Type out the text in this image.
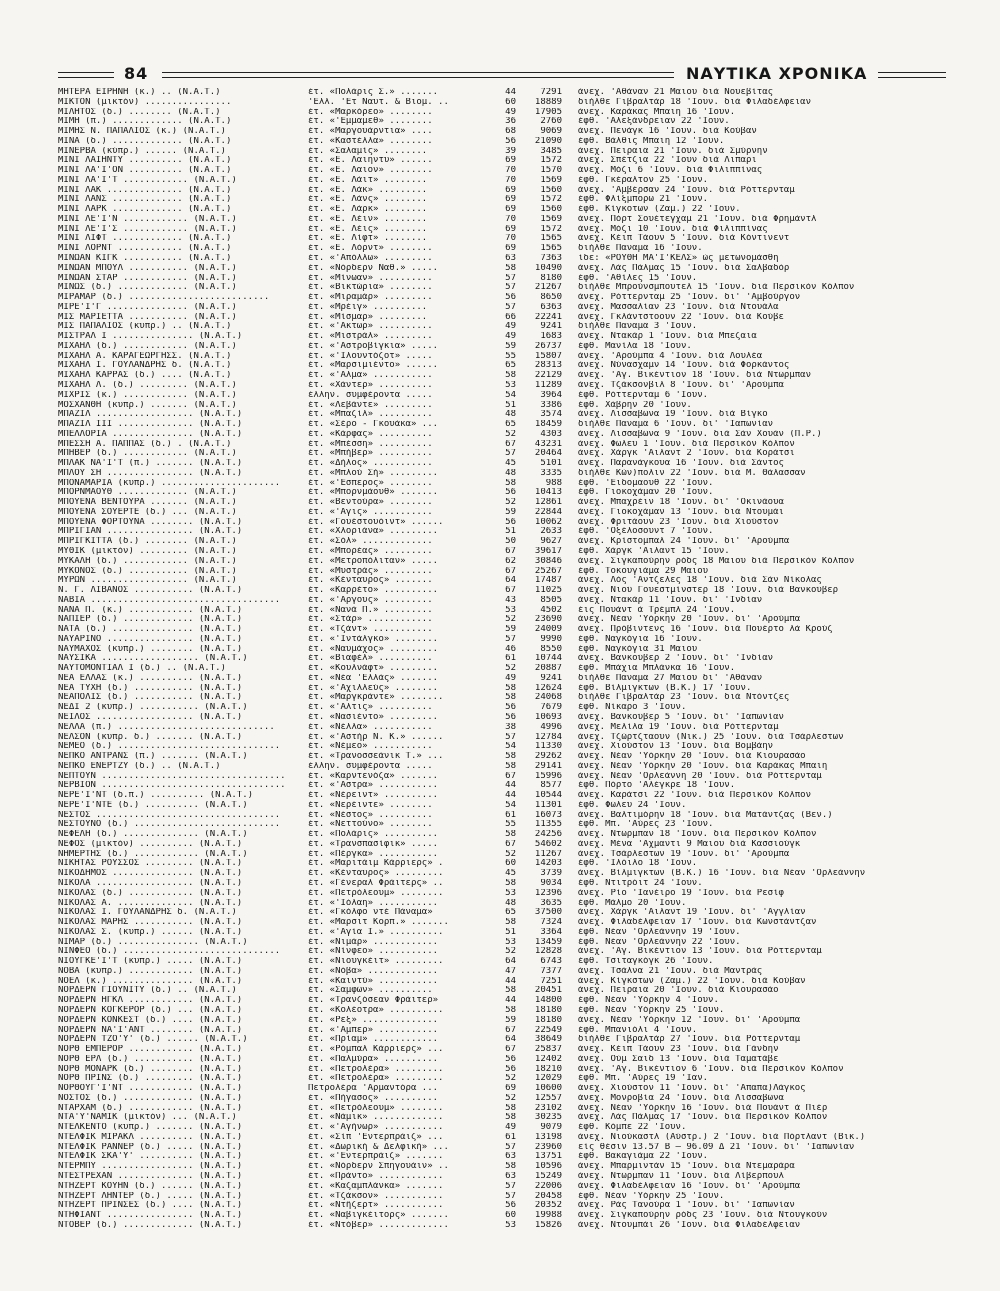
84	ΝΑΥΤΙΚΑ ΧΡΟΝΙΚΑ
ΜΗΤΕΡΑ ΕΙΡΗΝΗ (κ.) .. (Ν.Α.Τ.)	έτ. «Πολάρις Σ.» .......	44	7291 άνεχ. 'Αθάναν 21 Μαΐου διὰ Νουεβίτας
ΜΙΚΤΟΝ (μικτόν) ................	'Ελλ. 'Ετ Ναυτ. & Βιομ. ..	60	18889 διήλθε Γιβραλτὰρ 18 'Ιουν. διὰ Φιλαδέλφειαν
ΜΙΛΗΤΟΣ (δ.) ........ (Ν.Α.Τ.)	έτ. «Μαρκόρεο» ........	49	17905 άνεχ. Καράκας Μπαϊη 16 'Ιουν.
ΜΙΜΗ (π.) ............. (Ν.Α.Τ.)	έτ. «'Εμμαμεθ» ........	36	2760 έφθ. 'Αλεξάνδρειαν 22 'Ιουν.
ΜΙΜΗΣ Ν. ΠΑΠΑΛΙΟΣ (κ.) (Ν.Α.Τ.)	έτ. «Μαργουάρντια» ....	68	9069 άνεχ. Πενάγκ 16 'Ιουν. διὰ Κούβαν
ΜΙΝΑ (δ.) ............. (Ν.Α.Τ.)	έτ. «Καστέλλα» ........	56	21090 έφθ. Βάλθις Μπαϊη 12 'Ιουν.
ΜΙΝΕΡΒΑ (κύπρ.) ...... (Ν.Α.Τ.)	έτ. «Σαλαμίς» ........	39	3485 άνεχ. Πειραιᾶ 21 'Ιουν. διὰ Σμύρνην
ΜΙΝΙ ΛΑΪΗΝΤΥ .......... (Ν.Α.Τ.)	έτ. «Ε. Λαϊηντυ» ......	69	1572 άνεχ. Σπέτζια 22 'Ιουν διὰ Λιπαρι
ΜΙΝΙ ΛΑ'Ι'ΟΝ .......... (Ν.Α.Τ.)	έτ. «Ε. Λαϊον» ........	70	1570 άνεχ. Μόζι 6 'Ιουν. διὰ Φιλιππίνας
ΜΙΝΙ ΛΑ'Ι'Τ ............ (Ν.Α.Τ.)	έτ. «Ε. Λάϊτ» ........	70	1569 έφθ. Γκέραλτον 25 'Ιουν.
ΜΙΝΙ ΛΑΚ .............. (Ν.Α.Τ.)	έτ. «Ε. Λάκ» .........	69	1560 άνεχ. 'Αμβέρσαν 24 'Ιουν. διὰ Ρόττερνταμ
ΜΙΝΙ ΛΑΝΣ ............. (Ν.Α.Τ.)	έτ. «Ε. Λάνς» ........	69	1572 έφθ. Φλίξμπορω 21 'Ιουν.
ΜΙΝΙ ΛΑΡΚ ............. (Ν.Α.Τ.)	έτ. «Ε. Λάρκ» ........	69	1560 έφθ. Κίγκοτων (Ζαμ.) 22 'Ιουν.
ΜΙΝΙ ΛΕ'Ι'Ν ............ (Ν.Α.Τ.)	έτ. «Ε. Λέϊν» ........	70	1569 άνεχ. Πόρτ Σουέτεγχαμ 21 'Ιουν. διὰ Φρημάντλ
ΜΙΝΙ ΛΕ'Ι'Σ ............ (Ν.Α.Τ.)	έτ. «Ε. Λέϊς» ........	69	1572 άνεχ. Μόζι 10 'Ιουν. διὰ Φιλιππίνας
ΜΙΝΙ ΛΙΦΤ ............. (Ν.Α.Τ.)	έτ. «Ε. Λίφτ» ........	70	1565 άνεχ. Κέϊπ Τάουν 5 'Ιουν. διὰ Κόντινεντ
ΜΙΝΙ ΛΟΡΝΤ ............ (Ν.Α.Τ.)	έτ. «Ε. Λόρντ» ........	69	1565 διήλθε Παναμᾶ 16 'Ιουν.
ΜΙΝΩΑΝ ΚΙΓΚ ........... (Ν.Α.Τ.)	έτ. «'Απόλλω» .........	63	7363 ίδε: «ΡΟΥΘΗ ΜΑ'Ι'ΚΕΛΣ» ὡς μετωνομάσθη
ΜΙΝΩΑΝ ΜΠΟΥΛ ........... (Ν.Α.Τ.)	έτ. «Νόρδερν Ναθ.» .....	58	10490 άνεχ. Λὰς Πάλμας 15 'Ιουν. διὰ Σαλβαδὸρ
ΜΙΝΩΑΝ ΣΤΑΡ ............ (Ν.Α.Τ.)	έτ. «Μίνωαν» ..........	57	8180 έφθ. 'Αθίλες 15 'Ιουν.
ΜΙΝΩΣ (δ.) ............. (Ν.Α.Τ.)	έτ. «Βικτώρια» ........	57	21267 διήλθε Μπρούνσμπουτελ 15 'Ιουν. διὰ Περσικὸν Κόλπον
ΜΙΡΑΜΑΡ (δ.) ..........................	έτ. «Μιραμάρ» .........	56	8650 άνεχ. Ρόττερνταμ 25 'Ιουν. δι' 'Αμβούργον
ΜΙΡΕ'Ι'Γ ............... (Ν.Α.Τ.)	έτ. «Μρέϊγ» ..........	57	6363 άνεχ. Μασσαλίαν 23 'Ιουν. διὰ Ντουάλα
ΜΙΣ ΜΑΡΙΕΤΤΑ ........... (Ν.Α.Τ.)	έτ. «Μίσμαρ» .........	66	22241 άνεχ. Γκλάντστοουν 22 'Ιουν. διὰ Κούβε
ΜΙΣ ΠΑΠΑΛΙΟΣ (κυπρ.) .. (Ν.Α.Τ.)	έτ. «'Ακτωρ» ..........	49	9241 διήλθε Παναμᾶ 3 'Ιουν.
ΜΙΣΤΡΑΛ Ι ............... (Ν.Α.Τ.)	έτ. «Μιστράλ» .........	49	1683 άνεχ. Ντακὰρ 1 'Ιουν. διὰ Μπεζαΐα
ΜΙΧΑΗΛ (δ.) ............ (Ν.Α.Τ.)	έτ. «'Αστροβίγκια» .....	59	26737 έφθ. Μανίλα 18 'Ιουν.
ΜΙΧΑΗΛ Α. ΚΑΡΑΓΕΩΡΓΗΣΣ. (Ν.Α.Τ.)	έτ. «'Ιλουντόζοτ» .....	55	15807 άνεχ. 'Αρούμπα 4 'Ιουν. διὰ Λουλέα
ΜΙΧΑΗΛ Ι. ΓΟΥΛΑΝΔΡΗΣ δ. (Ν.Α.Τ.)	έτ. «Μαρσιμιέντο» ......	65	28313 άνεχ. Νύνασχαμν 14 'Ιουν. διὰ Φορκάντος
ΜΙΧΑΗΛ ΚΑΡΡΑΣ (δ.) .... (Ν.Α.Τ.)	έτ. «'Αλμα» ...........	58	22129 άνεχ. 'Αγ. Βικέντιον 18 'Ιουν. διὰ Ντῶρμπαν
ΜΙΧΑΗΛ Λ. (δ.) ......... (Ν.Α.Τ.)	έτ. «Χάντερ» ..........	53	11289 άνεχ. Τζάκσονβιλ 8 'Ιουν. δι' 'Αρούμπα
ΜΙΧΡΙΣ (κ.) ............ (Ν.Α.Τ.)	έλλην. συμφέροντα .....	54	3964 έφθ. Ρόττερνταμ 6 'Ιουν.
ΜΟΣΧΑΝΘΗ (κυπρ.) ....... (Ν.Α.Τ.)	έτ. «Λεβάντε» .........	51	3386 έφθ. Χάβρην 20 'Ιουν.
ΜΠΑΖΙΛ .................. (Ν.Α.Τ.)	έτ. «Μπαζίλ» ..........	48	3574 άνεχ. Λισσαβῶνα 19 'Ιουν. διὰ Βίγκο
ΜΠΑΖΙΛ ΙΙΙ .............. (Ν.Α.Τ.)	έτ. «Σέρο - Γκουάκα» ...	65	18459 διήλθε Παναμᾶ 6 'Ιουν. δι' 'Ιαπωνίαν
ΜΠΕΛΛΟΡΙΑ ............... (Ν.Α.Τ.)	έτ. «Κάρφας» ..........	52	4303 άνεχ. Λισσαβῶνα 9 'Ιουν. διὰ Σὰν Χουὰν (Π.Ρ.)
ΜΠΕΣΣΗ Α. ΠΑΠΠΑΣ (δ.) . (Ν.Α.Τ.)	έτ. «Μπέσση» ..........	67	43231 άνεχ. Φῶλεϋ 1 'Ιουν. διὰ Περσικὸν Κόλπον
ΜΠΗΒΕΡ (δ.) ............ (Ν.Α.Τ.)	έτ. «Μπήβερ» ..........	57	20464 άνεχ. Χάργκ 'Αϊλαντ 2 'Ιουν. διὰ Κοράτσι
ΜΠΛΑΚ ΝΑ'Ι'Τ (π.) ....... (Ν.Α.Τ.)	έτ. «Δήλος» ...........	45	5101 άνεχ. Παρανάγκουα 16 'Ιουν. διὰ Σάντος
ΜΠΛΟΥ ΣΗ ................ (Ν.Α.Τ.)	έτ. «Μπλού Σή» .........	48	3335 διήλθε Κὼν)πολιν 22 'Ιουν. διὰ Μ. Θάλασσαν
ΜΠΟΝΑΜΑΡΙΑ (κυπρ.) ......................	έτ. «'Εσπερος» ........	58	988 έφθ. 'Εϊδομαουθ 22 'Ιουν.
ΜΠΟΡΝΜΑΟΥΘ ............. (Ν.Α.Τ.)	έτ. «Μπορνμάουθ» .......	56	10413 έφθ. Γιοκοχάμαν 20 'Ιουν.
ΜΠΟΥΕΝΑ ΒΕΝΤΟΥΡΑ ....... (Ν.Α.Τ.)	έτ. «Βεντούρα» ........	52	12861 άνεχ. Μπαχρέϊν 18 'Ιουν. δι' 'Οκινάουα
ΜΠΟΥΕΝΑ ΣΟΥΕΡΤΕ (δ.) ... (Ν.Α.Τ.)	έτ. «'Αγις» ...........	59	22844 άνεχ. Γιοκοχάμαν 13 'Ιουν. διὰ Ντουμάΐ
ΜΠΟΥΕΝΑ ΦΟΡΤΟΥΝΑ ........ (Ν.Α.Τ.)	έτ. «Γουέστουόϊντ» ......	56	10062 άνεχ. Φριτάουν 23 'Ιουν. διὰ Χιούστον
ΜΠΡΙΓΙΑΝ ................ (Ν.Α.Τ.)	έτ. «Χλοριάνα» .........	51	2633 έφθ. 'Οξέλοσουντ 7 'Ιουν.
ΜΠΡΙΓΚΙΤΤΑ (δ.) ........ (Ν.Α.Τ.)	έτ. «Σόλ» .............	50	9627 άνεχ. Κρίστομπαλ 24 'Ιουν. δι' 'Αρούμπα
ΜΥΘΙΚ (μικτόν) ......... (Ν.Α.Τ.)	έτ. «Μπορέας» .........	67	39617 έφθ. Χάργκ 'Αϊλαντ 15 'Ιουν.
ΜΥΚΑΛΗ (δ.) ............ (Ν.Α.Τ.)	έτ. «Μετροπόλιταν» .....	62	30846 άνεχ. Σιγκαπούρην ρόδς 18 Μαΐου διὰ Περσικὸν Κόλπον
ΜΥΚΟΝΟΣ (δ.) ........... (Ν.Α.Τ.)	έτ. «Μυστράς» .........	67	25267 έφθ. Τοκουγιάμα 29 Μαΐου
ΜΥΡΩΝ .................. (Ν.Α.Τ.)	έτ. «Κένταυρος» .......	64	17487 άνεχ. Λὸς 'Αντζελες 18 'Ιουν. διὰ Σὰν Νίκολας
Ν. Γ. ΛΙΒΑΝΟΣ ........... (Ν.Α.Τ.)	έτ. «Καρρέτο» ..........	67	11025 άνεχ. Νιοῦ Γουεστμίνστερ 18 'Ιουν. διὰ Βανκοῦβερ
ΝΑΒΙΑ ...................................	έτ. «'Αργους» .........	43	8505 άνεχ. Ντακὰρ 11 'Ιουν. δι' 'Ινδίαν
ΝΑΝΑ Π. (κ.) ............ (Ν.Α.Τ.)	έτ. «Νανά Π.» .........	53	4502 έις Πουάντ ὰ Τρέμπλ 24 'Ιουν.
ΝΑΠΙΕΡ (δ.) ............. (Ν.Α.Τ.)	έτ. «Στάρ» ............	52	23690 άνεχ. Νέαν 'Υόρκην 20 'Ιουν. δι' 'Αρούμπα
ΝΑΤΑ (δ.) ............... (Ν.Α.Τ.)	έτ. «Τζάντ» ...........	59	24009 άνεχ. Πρόβιντενς 16 'Ιουν. διὰ Πουέρτο λὰ Κρούζ
ΝΑΥΑΡΙΝΟ ................ (Ν.Α.Τ.)	έτ. «'Ιντάλγκο» ........	57	9990 έφθ. Ναγκόγια 16 'Ιουν.
ΝΑΥΜΑΧΟΣ (κυπρ.) ........ (Ν.Α.Τ.)	έτ. «Ναυμάχος» .........	46	8550 έφθ. Ναγκόγια 31 Μαΐου
ΝΑΥΣΙΚΑ .................. (Ν.Α.Τ.)	έτ. «Βιαφέλ» ..........	61	10744 άνεχ. Βανκοῦβερ 2 'Ιουν. δι' 'Ινδίαν
ΝΑΥΤΟΜΟΝΤΙΑΛ Ι (δ.) .. (Ν.Α.Τ.)	έτ. «Κουλνάφτ» .........	52	20887 έφθ. Μπάχια Μπλάνκα 16 'Ιουν.
ΝΕΑ ΕΛΛΑΣ (κ.) .......... (Ν.Α.Τ.)	έτ. «Νέα 'Ελλάς» .......	49	9241 διήλθε Παναμᾶ 27 Μαΐου δι' 'Αθάναν
ΝΕΑ ΤΥΧΗ (δ.) ........... (Ν.Α.Τ.)	έτ. «'Αχιλλεύς» ........	58	12624 έφθ. Βίλμιγκτων (Β.Κ.) 17 'Ιουν.
ΝΕΑΠΟΛΙΣ (δ.) ........... (Ν.Α.Τ.)	έτ. «Μαργκράντε» ........	58	24068 διήλθε Γιβραλτὰρ 23 'Ιουν. διὰ Ντόντζες
ΝΕΔΙ 2 (κυπρ.) ........... (Ν.Α.Τ.)	έτ. «'Αλτις» ..........	56	7679 έφθ. Νίκαρο 3 'Ιουν.
ΝΕΙΛΟΣ .................. (Ν.Α.Τ.)	έτ. «Νασιέντο» .........	56	10693 άνεχ. Βανκοῦβερ 5 'Ιουν. δι' 'Ιαπωνίαν
ΝΕΛΛΑ (π.) .............................	έτ. «Νέλλα» ...........	38	4996 άνεχ. Μελίλα 19 'Ιουν. διὰ Ρόττερνταμ
ΝΕΛΣΟΝ (κυπρ. δ.) ....... (Ν.Α.Τ.)	έτ. «'Αστὴρ Ν. Κ.» ......	57	12784 άνεχ. Τζώρτζταουν (Νικ.) 25 'Ιουν. διὰ Τσάρλεστων
ΝΕΜΕΟ (δ.) ..............................	έτ. «Νέμεο» ...........	54	11330 άνεχ. Χιούστον 13 'Ιουν. διὰ Βομβάην
ΝΕΠΚΟ ΑΝΤΡΑΝΣ (π.) ....... (Ν.Α.Τ.)	έτ. «Τρανοσσεάνικ Τ.» ...	58	29262 άνεχ. Νέαν 'Υόρκην 20 'Ιουν. διὰ Κιουρασάο
ΝΕΠΚΟ ΕΝΕΡΤΖΥ (δ.) .. (Ν.Α.Τ.)	έλλην. συμφέροντα .....	58	29141 άνεχ. Νέαν 'Υόρκην 20 'Ιουν. διὰ Καράκας Μπαϊη
ΝΕΠΤΟΥΝ ..................................	έτ. «Καρντενόζα» .......	67	15996 άνεχ. Νέαν 'Ορλεάννη 20 'Ιουν. διὰ Ρόττερνταμ
ΝΕΡΒΙΟΝ ..................................	έτ. «'Αστρα» ...........	44	8577 έφθ. Πόρτο 'Αλέγκρε 18 'Ιουν.
ΝΕΡΕ'Ι'ΝΤ (δ.π.) .......... (Ν.Α.Τ.)	έτ. «Νέρεϊντ» ..........	44	10544 άνεχ. Καράτσι 22 'Ιουν. διὰ Περσικὸν Κόλπον
ΝΕΡΕ'Ι'ΝΤΕ (δ.) .......... (Ν.Α.Τ.)	έτ. «Νερέϊντε» ........	54	11301 έφθ. Φῶλεϋ 24 'Ιουν.
ΝΕΣΤΟΣ ..................................	έτ. «Νέστος» ..........	61	16073 άνεχ. Βαλτιμόρην 18 'Ιουν. διὰ Ματάντζας (Βεν.)
ΝΕΣΤΟΥΝΟ (δ.) ...........................	έτ. «Νεττούνο» ........	55	11355 έφθ. Μπ. 'Αύρες 23 'Ιουν.
ΝΕΦΕΛΗ (δ.) .............. (Ν.Α.Τ.)	έτ. «Πολάρις» ..........	58	24256 άνεχ. Ντῶρμπαν 18 'Ιουν. διὰ Περσικὸν Κόλπον
ΝΕΦΟΣ (μικτόν) .......... (Ν.Α.Τ.)	έτ. «Τρανσπασίφικ» .....	67	54602 άνεχ. Μένα 'Αχμαντι 9 Μαΐου διὰ Κασσιούγκ
ΝΗΜΕΡΤΗΣ (δ.) ............ (Ν.Α.Τ.)	έτ. «Πέργκα» ...........	52	11267 άνεχ. Τσάρλεστων 19 'Ιουν. δι' 'Αρούμπα
ΝΙΚΗΤΑΣ ΡΟΥΣΣΟΣ ......... (Ν.Α.Τ.)	έτ. «Μαριτάϊμ Κάρριερς» .	60	14203 έφθ. 'Ιλόϊλο 18 'Ιουν.
ΝΙΚΟΔΗΜΟΣ ............... (Ν.Α.Τ.)	έτ. «Κένταυρος» .........	45	3739 άνεχ. Βίλμιγκτων (Β.Κ.) 16 'Ιουν. διὰ Νέαν 'Ορλεάννην
ΝΙΚΟΛΑ .................. (Ν.Α.Τ.)	έτ. «Γένεραλ Φράϊτερς» ..	58	9034 έφθ. Ντιτρόϊτ 24 'Ιουν.
ΝΙΚΟΛΑΣ (δ.) ............ (Ν.Α.Τ.)	έτ. «Πετρόλεουμ» ........	53	12396 άνεχ. Ρίο 'Ιανέϊρο 19 'Ιουν. διὰ Ρεσίφ
ΝΙΚΟΛΑΣ Α. .............. (Ν.Α.Τ.)	έτ. «'Ιόλαη» ...........	48	3635 έφθ. Μάλμο 20 'Ιουν.
ΝΙΚΟΛΑΣ Ι. ΓΟΥΛΑΝΔΡΗΣ δ. (Ν.Α.Τ.)	έτ. «Γκόλφο ντὲ Πάναμα»	65	37500 άνεχ. Χάργκ 'Αϊλαντ 19 'Ιουν. δι' 'Αγγλίαν
ΝΙΚΟΛΑΣ ΜΑΡΗΣ ........... (Ν.Α.Τ.)	έτ. «Μαρσιτ Κορπ.» .......	58	7324 άνεχ. Φιλαδέλφειαν 17 'Ιουν. διὰ Κωνστάντζαν
ΝΙΚΟΛΑΣ Σ. (κυπρ.) ...... (Ν.Α.Τ.)	έτ. «'Αγία Ι.» ..........	51	3364 έφθ. Νέαν 'Ορλεάννην 19 'Ιουν.
ΝΙΜΑΡ (δ.) ............... (Ν.Α.Τ.)	έτ. «Νιμάρ» ............	53	13459 έφθ. Νέαν 'Ορλεάννην 22 'Ιουν.
ΝΙΝΦΕΟ (δ.) .............................	έτ. «Νίνφεο» ...........	52	12828 άνεχ. 'Αγ. Βικέντιον 13 'Ιουν. διὰ Ρόττερνταμ
ΝΙΟΥΓΚΕ'Ι'Τ (κυπρ.) ..... (Ν.Α.Τ.)	έτ. «Νιουγκέϊτ» .........	64	6743 έφθ. Τσιταγκόγκ 26 'Ιουν.
ΝΟΒΑ (κυπρ.) ............ (Ν.Α.Τ.)	έτ. «Νόβα» .............	47	7377 άνεχ. Τσάλνα 21 'Ιουν. διὰ Μαντρὰς
ΝΟΕΛ (κ.) ............... (Ν.Α.Τ.)	έτ. «Καιντύ» ...........	44	7251 άνεχ. Κίγκστων (Ζαμ.) 22 'Ιουν. διὰ Κούβαν
ΝΟΡΔΕΡΝ ΓΙΟΥΝΙΤΥ (δ.) .. (Ν.Α.Τ.)	έτ. «Σαμφῶν» ..........	58	20451 άνεχ. Πειραιᾶ 20 'Ιουν. διὰ Κιουρασάο
ΝΟΡΔΕΡΝ ΗΓΚΛ ............ (Ν.Α.Τ.)	έτ. «Τρανζόσεαν Φράϊτερ»	44	14800 έφθ. Νέαν 'Υόρκην 4 'Ιουν.
ΝΟΡΔΕΡΝ ΚΟΓΚΕΡΟΡ (δ.) ... (Ν.Α.Τ.)	έτ. «Κολέοτρα» ..........	58	18180 έφθ. Νέαν 'Υόρκην 25 'Ιουν.
ΝΟΡΔΕΡΝ ΚΟΝΚΕΣΤ (δ.) .... (Ν.Α.Τ.)	έτ. «Ρεξ» ..............	59	18180 άνεχ. Νέαν 'Υόρκην 12 'Ιουν. δι' 'Αρούμπα
ΝΟΡΔΕΡΝ ΝΑ'Ι'ΑΝΤ ........ (Ν.Α.Τ.)	έτ. «'Αμπερ» ...........	67	22549 έφθ. Μπανιόλι 4 'Ιουν.
ΝΟΡΔΕΡΝ ΤΖΟ'Υ' (δ.) ...... (Ν.Α.Τ.)	έτ. «Πρίαμ» ............	64	38649 διήλθε Γιβραλτὰρ 27 'Ιουν. διὰ Ρόττερνταμ
ΝΟΡΘ ΕΜΠΕΡΟΡ ............ (Ν.Α.Τ.)	έτ. «Ρόμπαλ Κάρριερς» ...	67	25837 άνεχ. Κέϊπ Τάουν 23 'Ιουν. διὰ Γάνδην
ΝΟΡΘ ΕΡΛ (δ.) ........... (Ν.Α.Τ.)	έτ. «Παλμύρα» ..........	56	12402 άνεχ. Οὗμ Σαΐδ 13 'Ιουν. διὰ Ταματάβε
ΝΟΡΘ ΜΟΝΑΡΚ (δ.) ........ (Ν.Α.Τ.)	έτ. «Πετρολέρα» .........	56	18210 άνεχ. 'Αγ. Βικέντιον 6 'Ιουν. διὰ Περσικὸν Κόλπον
ΝΟΡΘ ΠΡΙΝΣ (δ.) ......... (Ν.Α.Τ.)	έτ. «Πετρολέρα» .........	52	12029 έφθ. Μπ. 'Αύρες 19 'Ιαν.
ΝΟΡΘΟΥΓ'Ι'ΝΤ ............ (Ν.Α.Τ.)	Πετρολέρα 'Αρμαντόρα ...	69	10600 άνεχ. Χιούστον 11 'Ιουν. δι' 'Απαπα)Λάγκος
ΝΟΣΤΟΣ (δ.) ............. (Ν.Α.Τ.)	έτ. «Πήγασος» ..........	52	12557 άνεχ. Μονροβία 24 'Ιουν. διὰ Λισσαβῶνα
ΝΤΑΡΧΑΜ (δ.) ............ (Ν.Α.Τ.)	έτ. «Πετρόλεουμ» ........	58	23102 άνεχ. Νέαν 'Υόρκην 16 'Ιουν. διὰ Πουάντ ὰ Πιέρ
ΝΤΑ'Υ'ΝΑΜΙΚ (μικτόν) ... (Ν.Α.Τ.)	έτ. «Νάμικ» .............	58	30235 άνεχ. Λὰς Πάλμας 17 'Ιουν. διὰ Περσικὸν Κόλπον
ΝΤΕΛΚΕΝΤΟ (κυπρ.) ....... (Ν.Α.Τ.)	έτ. «'Αγήνωρ» ...........	49	9079 έφθ. Κόμπε 22 'Ιουν.
ΝΤΕΛΦΙΚ ΜΙΡΑΚΛ .......... (Ν.Α.Τ.)	έτ. «Σὶπ 'Εντερπράϊζ» ...	61	13198 άνεχ. Νιούκαστλ (Αὐστρ.) 2 'Ιουν. διὰ Πόρτλαντ (Βικ.)
ΝΤΕΛΦΙΚ ΡΑΝΝΕΡ (δ.) ..... (Ν.Α.Τ.)	έτ. «Δωρικὴ & Δελφική» ...	57	23960 είς θέσιν 13.57 Β — 96.09 Δ 21 'Ιουν. δι' 'Ιαπωνίαν
ΝΤΕΛΦΙΚ ΣΚΑ'Υ' .......... (Ν.Α.Τ.)	έτ. «'Εντερπράϊζ» .......	63	13751 έφθ. Βακαγιάμα 22 'Ιουν.
ΝΤΕΡΜΠΥ ................. (Ν.Α.Τ.)	έτ. «Νόρδερν Σπηγουάϊν» ..	58	10596 άνεχ. Μπαρμιντάν 15 'Ιουν. διὰ Ντεμαράρα
ΝΤΕΣΤΡΕΧΑΝ .............. (Ν.Α.Τ.)	έτ. «Πράντο» ............	63	15249 άνεχ. Ντῶρμπαν 11 'Ιουν. διὰ Λίβερπουλ
ΝΤΗΖΕΡΤ ΚΟΥΗΝ (δ.) ...... (Ν.Α.Τ.)	έτ. «Καζαμπλάνκα» .......	57	22006 άνεχ. Φιλαδέλφειαν 16 'Ιουν. δι' 'Αρούμπα
ΝΤΗΖΕΡΤ ΛΗΝΤΕΡ (δ.) ..... (Ν.Α.Τ.)	έτ. «Τζάκσον» ...........	57	20458 έφθ. Νέαν 'Υόρκην 25 'Ιουν.
ΝΤΗΖΕΡΤ ΠΡΙΝΣΕΣ (δ.) .... (Ν.Α.Τ.)	έτ. «Ντῆζερτ» ...........	56	20352 άνεχ. Ρὰς Τανούρα 1 'Ιουν. δι' 'Ιαπωνίαν
ΝΤΗΦΙΑΝΤ ................ (Ν.Α.Τ.)	έτ. «Ναβιγκέϊτορς» .......	60	19988 άνεχ. Σιγκαπούρην ρόδς 23 'Ιουν. διὰ Ντουγκούν
ΝΤΟΒΕΡ (δ.) ............. (Ν.Α.Τ.)	έτ. «Ντόβερ» .............	53	15826 άνεχ. Ντουμπάϊ 26 'Ιουν. διὰ Φιλαδέλφειαν
